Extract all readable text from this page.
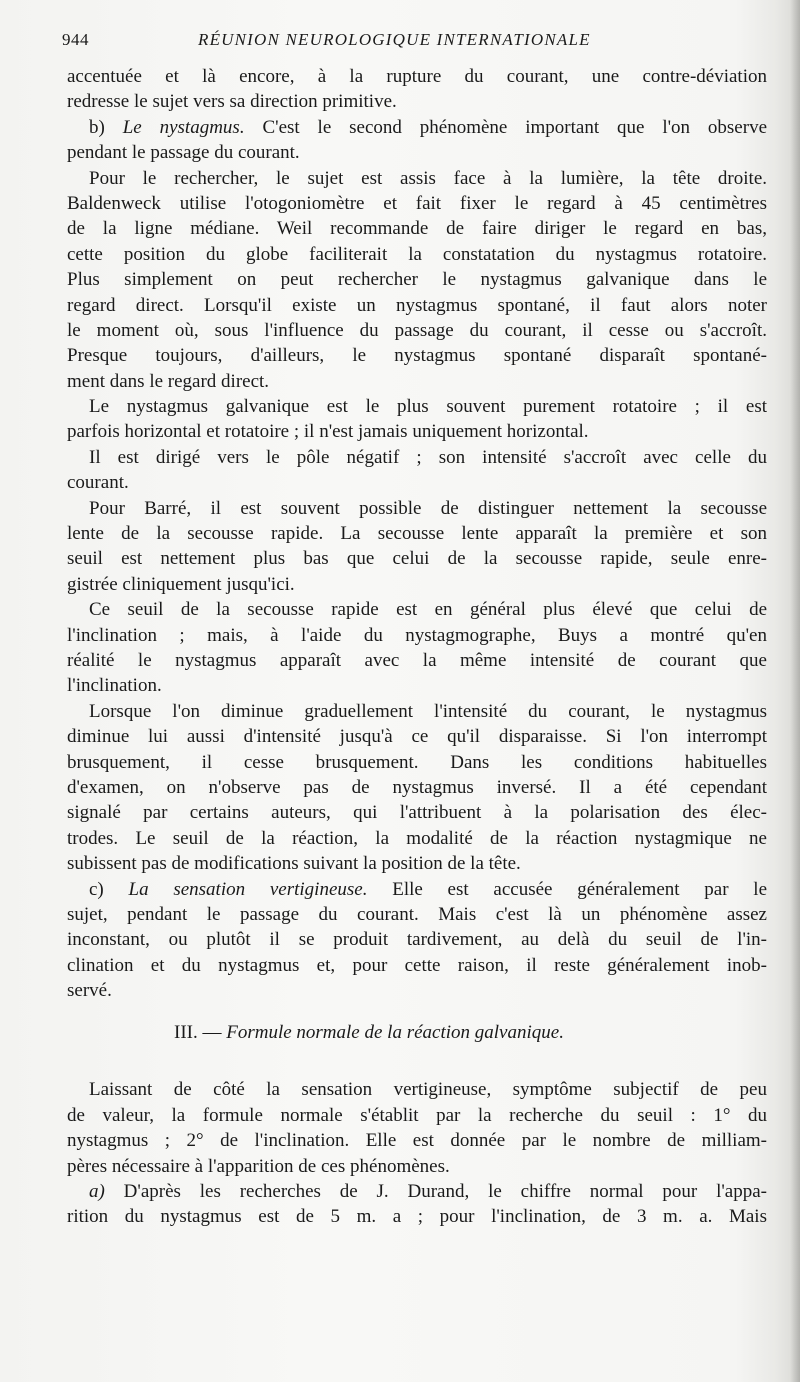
944	RÉUNION NEUROLOGIQUE INTERNATIONALE
accentuée et là encore, à la rupture du courant, une contre-déviation
redresse le sujet vers sa direction primitive.
b) Le nystagmus. C'est le second phénomène important que l'on observe
pendant le passage du courant.
Pour le rechercher, le sujet est assis face à la lumière, la tête droite.
Baldenweck utilise l'otogoniomètre et fait fixer le regard à 45 centimètres
de la ligne médiane. Weil recommande de faire diriger le regard en bas,
cette position du globe faciliterait la constatation du nystagmus rotatoire.
Plus simplement on peut rechercher le nystagmus galvanique dans le
regard direct. Lorsqu'il existe un nystagmus spontané, il faut alors noter
le moment où, sous l'influence du passage du courant, il cesse ou s'accroît.
Presque toujours, d'ailleurs, le nystagmus spontané disparaît spontané-
ment dans le regard direct.
Le nystagmus galvanique est le plus souvent purement rotatoire ; il est
parfois horizontal et rotatoire ; il n'est jamais uniquement horizontal.
Il est dirigé vers le pôle négatif ; son intensité s'accroît avec celle du
courant.
Pour Barré, il est souvent possible de distinguer nettement la secousse
lente de la secousse rapide. La secousse lente apparaît la première et son
seuil est nettement plus bas que celui de la secousse rapide, seule enre-
gistrée cliniquement jusqu'ici.
Ce seuil de la secousse rapide est en général plus élevé que celui de
l'inclination ; mais, à l'aide du nystagmographe, Buys a montré qu'en
réalité le nystagmus apparaît avec la même intensité de courant que
l'inclination.
Lorsque l'on diminue graduellement l'intensité du courant, le nystagmus
diminue lui aussi d'intensité jusqu'à ce qu'il disparaisse. Si l'on interrompt
brusquement, il cesse brusquement. Dans les conditions habituelles
d'examen, on n'observe pas de nystagmus inversé. Il a été cependant
signalé par certains auteurs, qui l'attribuent à la polarisation des élec-
trodes. Le seuil de la réaction, la modalité de la réaction nystagmique ne
subissent pas de modifications suivant la position de la tête.
c) La sensation vertigineuse. Elle est accusée généralement par le
sujet, pendant le passage du courant. Mais c'est là un phénomène assez
inconstant, ou plutôt il se produit tardivement, au delà du seuil de l'in-
clination et du nystagmus et, pour cette raison, il reste généralement inob-
servé.
III. — Formule normale de la réaction galvanique.
Laissant de côté la sensation vertigineuse, symptôme subjectif de peu
de valeur, la formule normale s'établit par la recherche du seuil : 1° du
nystagmus ; 2° de l'inclination. Elle est donnée par le nombre de milliam-
pères nécessaire à l'apparition de ces phénomènes.
a) D'après les recherches de J. Durand, le chiffre normal pour l'appa-
rition du nystagmus est de 5 m. a ; pour l'inclination, de 3 m. a. Mais
